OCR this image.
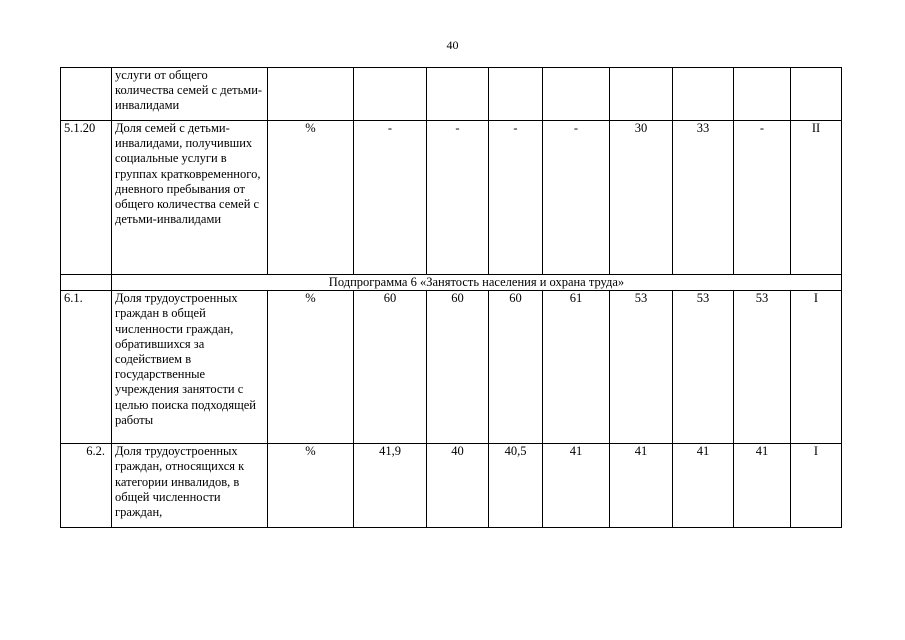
40
	услуги от общего количества семей с детьми-инвалидами									
5.1.20	Доля семей с детьми-инвалидами, получивших социальные услуги в группах кратковременного, дневного пребывания от общего количества семей с детьми-инвалидами	%	-	-	-	-	30	33	-	II
	Подпрограмма 6 «Занятость населения и охрана труда»									
6.1.	Доля трудоустроенных граждан в общей численности граждан, обратившихся за содействием в государственные учреждения занятости с целью поиска подходящей работы	%	60	60	60	61	53	53	53	I
6.2.	Доля трудоустроенных граждан, относящихся к категории инвалидов, в общей численности граждан,	%	41,9	40	40,5	41	41	41	41	I
